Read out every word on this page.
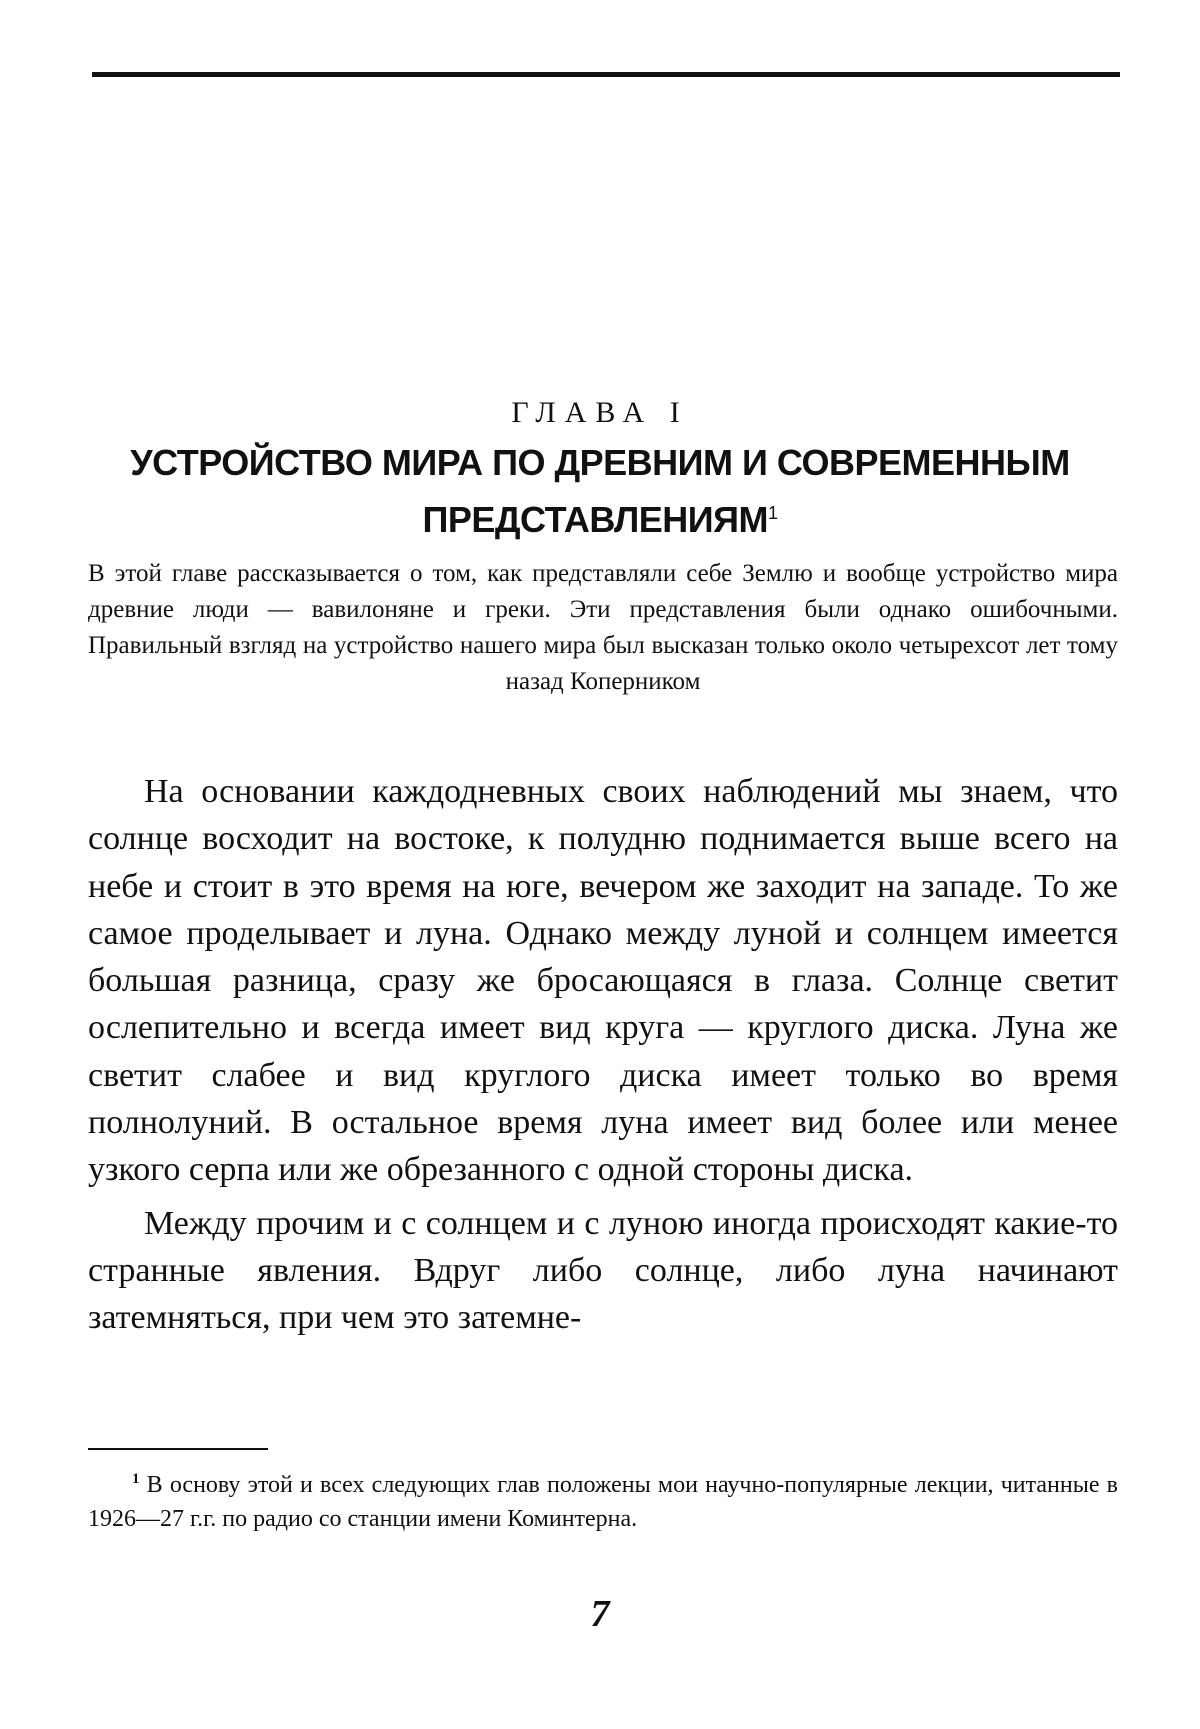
ГЛАВА I
УСТРОЙСТВО МИРА ПО ДРЕВНИМ И СОВРЕМЕННЫМ ПРЕДСТАВЛЕНИЯМ$^1$
В этой главе рассказывается о том, как представляли себе Землю и вообще устройство мира древние люди — вавилоняне и греки. Эти представления были однако ошибочными. Правильный взгляд на устройство нашего мира был высказан только около четырехсот лет тому назад Коперником

На основании каждодневных своих наблюдений мы знаем, что солнце восходит на востоке, к полудню поднимается выше всего на небе и стоит в это время на юге, вечером же заходит на западе. То же самое проделывает и луна. Однако между луной и солнцем имеется большая разница, сразу же бросающаяся в глаза. Солнце светит ослепительно и всегда имеет вид круга — круглого диска. Луна же светит слабее и вид круглого диска имеет только во время полнолуний. В остальное время луна имеет вид более или менее узкого серпа или же обрезанного с одной стороны диска.

Между прочим и с солнцем и с луною иногда происходят какие-то странные явления. Вдруг либо солнце, либо луна начинают затемняться, при чем это затемне-

$^1$ В основу этой и всех следующих глав положены мои научно-популярные лекции, читанные в 1926—27 г.г. по радио со станции имени Коминтерна.
7
